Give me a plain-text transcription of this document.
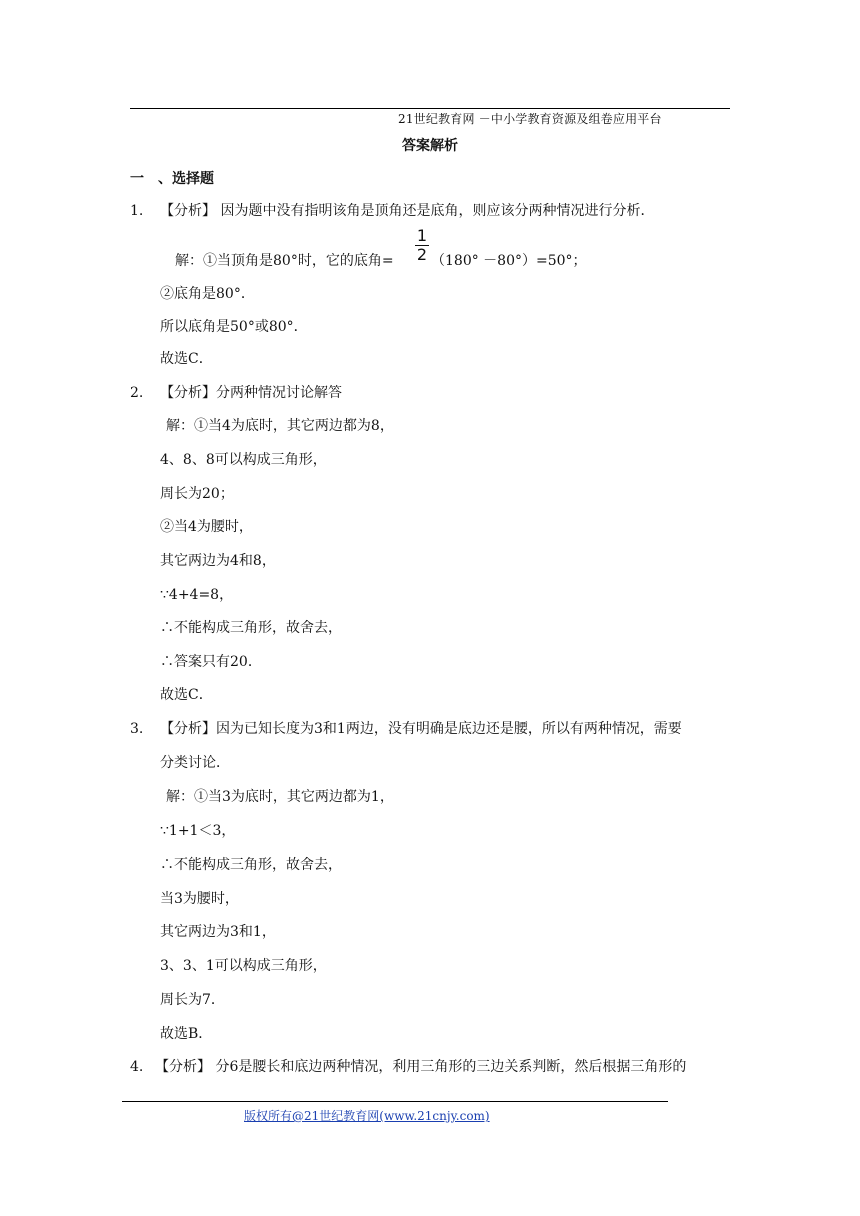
21世纪教育网 －中小学教育资源及组卷应用平台
答案解析
一　、选择题
1. 【分析】 因为题中没有指明该角是顶角还是底角，则应该分两种情况进行分析．
解：①当顶角是80°时，它的底角=
1
2 （180° －80°）=50°；
②底角是80°．
所以底角是50°或80°．
故选C．
2. 【分析】分两种情况讨论解答
解：①当4为底时，其它两边都为8，
4、8、8可以构成三角形，
周长为20；
②当4为腰时，
其它两边为4和8，
∵4+4=8，
∴不能构成三角形，故舍去，
∴答案只有20．
故选C．
3. 【分析】因为已知长度为3和1两边，没有明确是底边还是腰，所以有两种情况，需要
分类讨论．
解：①当3为底时，其它两边都为1，
∵1+1＜3，
∴不能构成三角形，故舍去，
当3为腰时，
其它两边为3和1，
3、3、1可以构成三角形，
周长为7．
故选B．
4. 【分析】 分6是腰长和底边两种情况，利用三角形的三边关系判断，然后根据三角形的
版权所有@21世纪教育网(www.21cnjy.com)
